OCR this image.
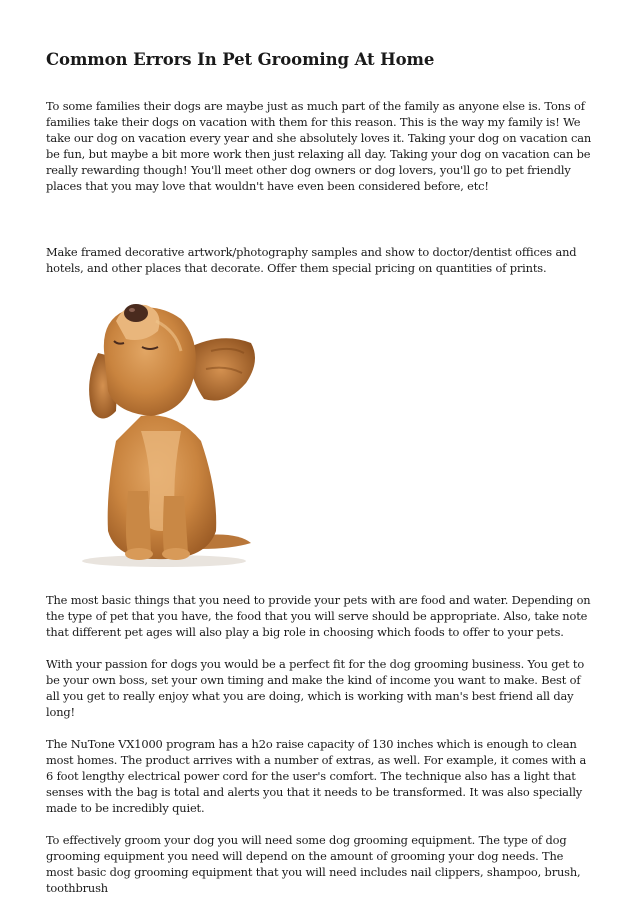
Common Errors In Pet Grooming At Home

To some families their dogs are maybe just as much part of the family as anyone else is. Tons of families take their dogs on vacation with them for this reason. This is the way my family is! We take our dog on vacation every year and she absolutely loves it. Taking your dog on vacation can be fun, but maybe a bit more work then just relaxing all day. Taking your dog on vacation can be really rewarding though! You'll meet other dog owners or dog lovers, you'll go to pet friendly places that you may love that wouldn't have even been considered before, etc!

Make framed decorative artwork/photography samples and show to doctor/dentist offices and hotels, and other places that decorate. Offer them special pricing on quantities of prints.

The most basic things that you need to provide your pets with are food and water. Depending on the type of pet that you have, the food that you will serve should be appropriate. Also, take note that different pet ages will also play a big role in choosing which foods to offer to your pets.

With your passion for dogs you would be a perfect fit for the dog grooming business. You get to be your own boss, set your own timing and make the kind of income you want to make. Best of all you get to really enjoy what you are doing, which is working with man's best friend all day long!

The NuTone VX1000 program has a h2o raise capacity of 130 inches which is enough to clean most homes. The product arrives with a number of extras, as well. For example, it comes with a 6 foot lengthy electrical power cord for the user's comfort. The technique also has a light that senses with the bag is total and alerts you that it needs to be transformed. It was also specially made to be incredibly quiet.

To effectively groom your dog you will need some dog grooming equipment. The type of dog grooming equipment you need will depend on the amount of grooming your dog needs. The most basic dog grooming equipment that you will need includes nail clippers, shampoo, brush, toothbrush
